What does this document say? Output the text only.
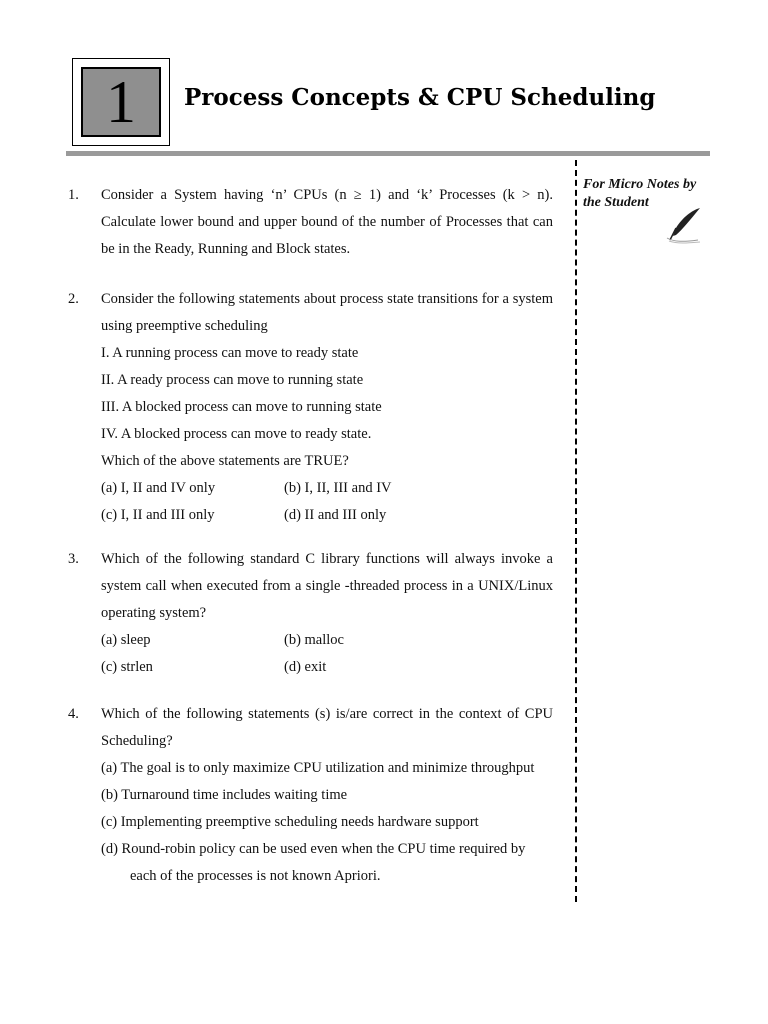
1 Process Concepts & CPU Scheduling
For Micro Notes by the Student
1. Consider a System having ‘n’ CPUs (n ≥ 1) and ‘k’ Processes (k > n). Calculate lower bound and upper bound of the number of Processes that can be in the Ready, Running and Block states.
2. Consider the following statements about process state transitions for a system using preemptive scheduling
I. A running process can move to ready state
II. A ready process can move to running state
III. A blocked process can move to running state
IV. A blocked process can move to ready state.
Which of the above statements are TRUE?
(a) I, II and IV only	(b) I, II, III and IV
(c) I, II and III only	(d) II and III only
3. Which of the following standard C library functions will always invoke a system call when executed from a single -threaded process in a UNIX/Linux operating system?
(a) sleep	(b) malloc
(c) strlen	(d) exit
4. Which of the following statements (s) is/are correct in the context of CPU Scheduling?
(a) The goal is to only maximize CPU utilization and minimize throughput
(b) Turnaround time includes waiting time
(c) Implementing preemptive scheduling needs hardware support
(d) Round-robin policy can be used even when the CPU time required by
each of the processes is not known Apriori.
